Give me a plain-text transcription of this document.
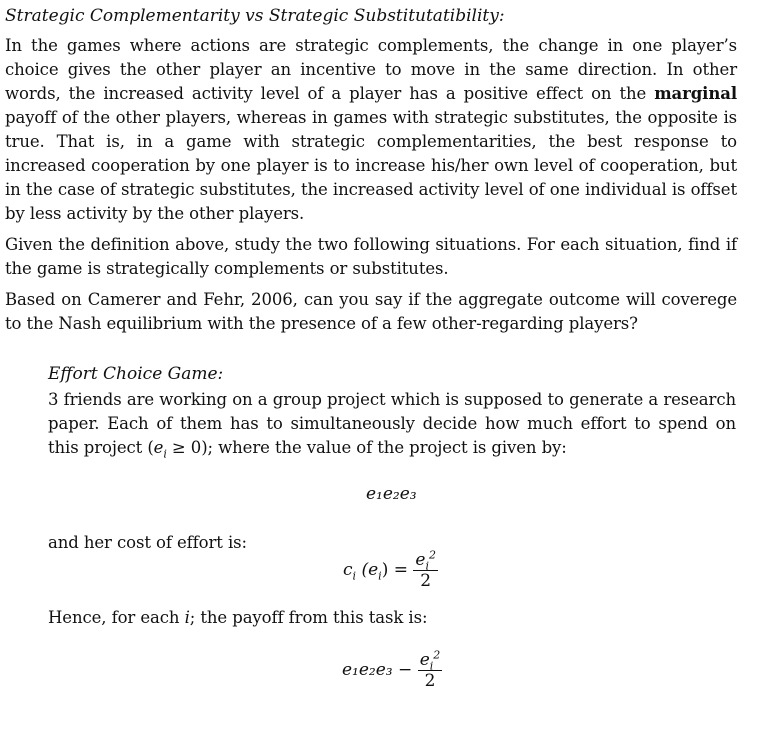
Strategic Complementarity vs Strategic Substitutatibility:

In the games where actions are strategic complements, the change in one player’s choice gives the other player an incentive to move in the same direction. In other words, the increased activity level of a player has a positive effect on the marginal payoff of the other players, whereas in games with strategic substitutes, the opposite is true. That is, in a game with strategic complementarities, the best response to increased cooperation by one player is to increase his/her own level of cooperation, but in the case of strategic substitutes, the increased activity level of one individual is offset by less activity by the other players.

Given the definition above, study the two following situations. For each situation, find if the game is strategically complements or substitutes.

Based on Camerer and Fehr, 2006, can you say if the aggregate outcome will coverege to the Nash equilibrium with the presence of a few other-regarding players?

Effort Choice Game:

3 friends are working on a group project which is supposed to generate a research paper. Each of them has to simultaneously decide how much effort to spend on this project $(e_i \ge 0)$; where the value of the project is given by:

e₁e₂e₃
and her cost of effort is:
$c_i$ $(e_i) = \frac{e_i^2}{2}$
Hence, for each i; the payoff from this task is:
$e_1e_2e_3 - \frac{e_i^2}{2}$
